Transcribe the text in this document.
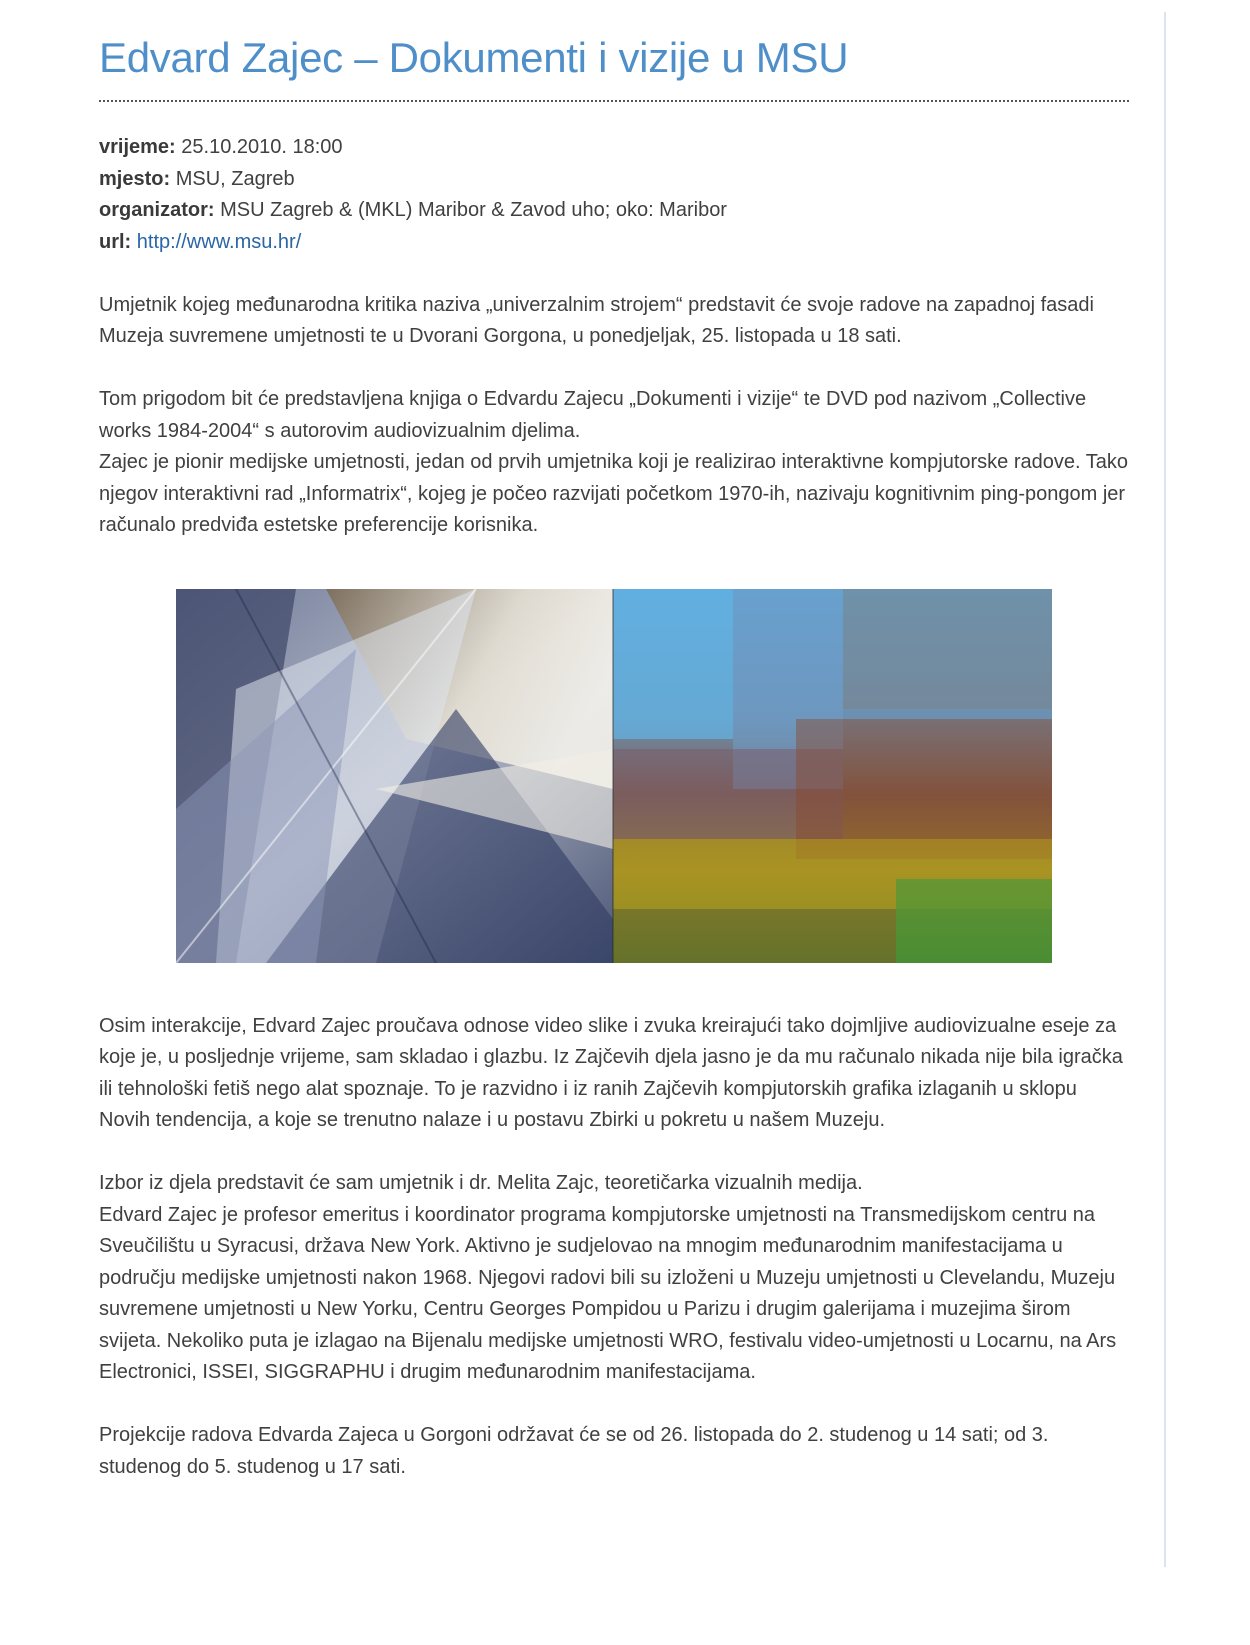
Edvard Zajec – Dokumenti i vizije u MSU
vrijeme: 25.10.2010. 18:00
mjesto: MSU, Zagreb
organizator: MSU Zagreb & (MKL) Maribor & Zavod uho; oko: Maribor
url: http://www.msu.hr/

Umjetnik kojeg međunarodna kritika naziva „univerzalnim strojem“ predstavit će svoje radove na zapadnoj fasadi Muzeja suvremene umjetnosti te u Dvorani Gorgona, u ponedjeljak, 25. listopada u 18 sati.

Tom prigodom bit će predstavljena knjiga o Edvardu Zajecu „Dokumenti i vizije“ te DVD pod nazivom „Collective works 1984-2004“ s autorovim audiovizualnim djelima.

Zajec je pionir medijske umjetnosti, jedan od prvih umjetnika koji je realizirao interaktivne kompjutorske radove. Tako njegov interaktivni rad „Informatrix“, kojeg je počeo razvijati početkom 1970-ih, nazivaju kognitivnim ping-pongom jer računalo predviđa estetske preferencije korisnika.

Osim interakcije, Edvard Zajec proučava odnose video slike i zvuka kreirajući tako dojmljive audiovizualne eseje za koje je, u posljednje vrijeme, sam skladao i glazbu. Iz Zajčevih djela jasno je da mu računalo nikada nije bila igračka ili tehnološki fetiš nego alat spoznaje. To je razvidno i iz ranih Zajčevih kompjutorskih grafika izlaganih u sklopu Novih tendencija, a koje se trenutno nalaze i u postavu Zbirki u pokretu u našem Muzeju.

Izbor iz djela predstavit će sam umjetnik i dr. Melita Zajc, teoretičarka vizualnih medija.

Edvard Zajec je profesor emeritus i koordinator programa kompjutorske umjetnosti na Transmedijskom centru na Sveučilištu u Syracusi, država New York. Aktivno je sudjelovao na mnogim međunarodnim manifestacijama u području medijske umjetnosti nakon 1968. Njegovi radovi bili su izloženi u Muzeju umjetnosti u Clevelandu, Muzeju suvremene umjetnosti u New Yorku, Centru Georges Pompidou u Parizu i drugim galerijama i muzejima širom svijeta. Nekoliko puta je izlagao na Bijenalu medijske umjetnosti WRO, festivalu video-umjetnosti u Locarnu, na Ars Electronici, ISSEI, SIGGRAPHU i drugim međunarodnim manifestacijama.

Projekcije radova Edvarda Zajeca u Gorgoni održavat će se od 26. listopada do 2. studenog u 14 sati; od 3. studenog do 5. studenog u 17 sati.
